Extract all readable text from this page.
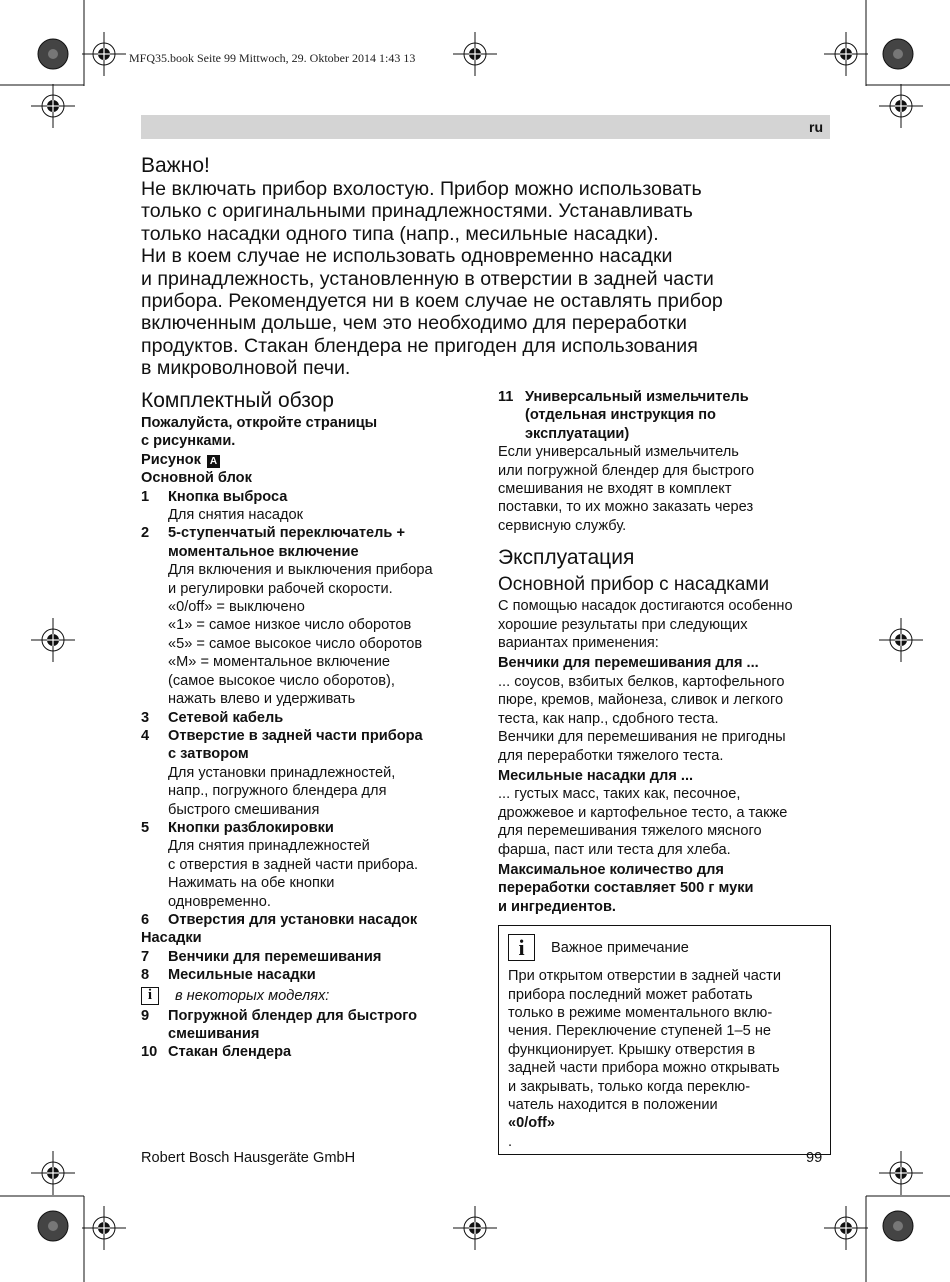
MFQ35.book Seite 99 Mittwoch, 29. Oktober 2014 1:43 13
ru
Важно!
Не включать прибор вхолостую. Прибор можно использовать
только с оригинальными принадлежностями. Устанавливать
только насадки одного типа (напр., месильные насадки).
Ни в коем случае не использовать одновременно насадки
и принадлежность, установленную в отверстии в задней части
прибора. Рекомендуется ни в коем случае не оставлять прибор
включенным дольше, чем это необходимо для переработки
продуктов. Стакан блендера не пригоден для использования
в микроволновой печи.
Комплектный обзор
Пожалуйста, откройте страницы
с рисунками.
Рисунок A
Основной блок
1	Кнопка выброса
Для снятия насадок
2	5-ступенчатый переключатель +
моментальное включение
Для включения и выключения прибора
и регулировки рабочей скорости.
«0/off» = выключено
«1» = самое низкое число оборотов
«5» = самое высокое число оборотов
«M» = моментальное включение
(самое высокое число оборотов),
нажать влево и удерживать
3	Сетевой кабель
4	Отверстие в задней части прибора
с затвором
Для установки принадлежностей,
напр., погружного блендера для
быстрого смешивания
5	Кнопки разблокировки
Для снятия принадлежностей
с отверстия в задней части прибора.
Нажимать на обе кнопки
одновременно.
6	Отверстия для установки насадок
Насадки
7	Венчики для перемешивания
8	Месильные насадки
i	в некоторых моделях:
9	Погружной блендер для быстрого
смешивания
10 Стакан блендера
11 Универсальный измельчитель
(отдельная инструкция по
эксплуатации)
Если универсальный измельчитель
или погружной блендер для быстрого
смешивания не входят в комплект
поставки, то их можно заказать через
сервисную службу.
Эксплуатация
Основной прибор с насадками
С помощью насадок достигаются особенно
хорошие результаты при следующих
вариантах применения:
Венчики для перемешивания для ...
... соусов, взбитых белков, картофельного
пюре, кремов, майонеза, сливок и легкого
теста, как напр., сдобного теста.
Венчики для перемешивания не пригодны
для переработки тяжелого теста.
Месильные насадки для ...
... густых масс, таких как, песочное,
дрожжевое и картофельное тесто, а также
для перемешивания тяжелого мясного
фарша, паст или теста для хлеба.
Максимальное количество для
переработки составляет 500 г муки
и ингредиентов.
i	Важное примечание
При открытом отверстии в задней части
прибора последний может работать
только в режиме моментального вклю-
чения. Переключение ступеней 1–5 не
функционирует. Крышку отверстия в
задней части прибора можно открывать
и закрывать, только когда переклю-
чатель находится в положении
«0/off»
.
Robert Bosch Hausgeräte GmbH	99
